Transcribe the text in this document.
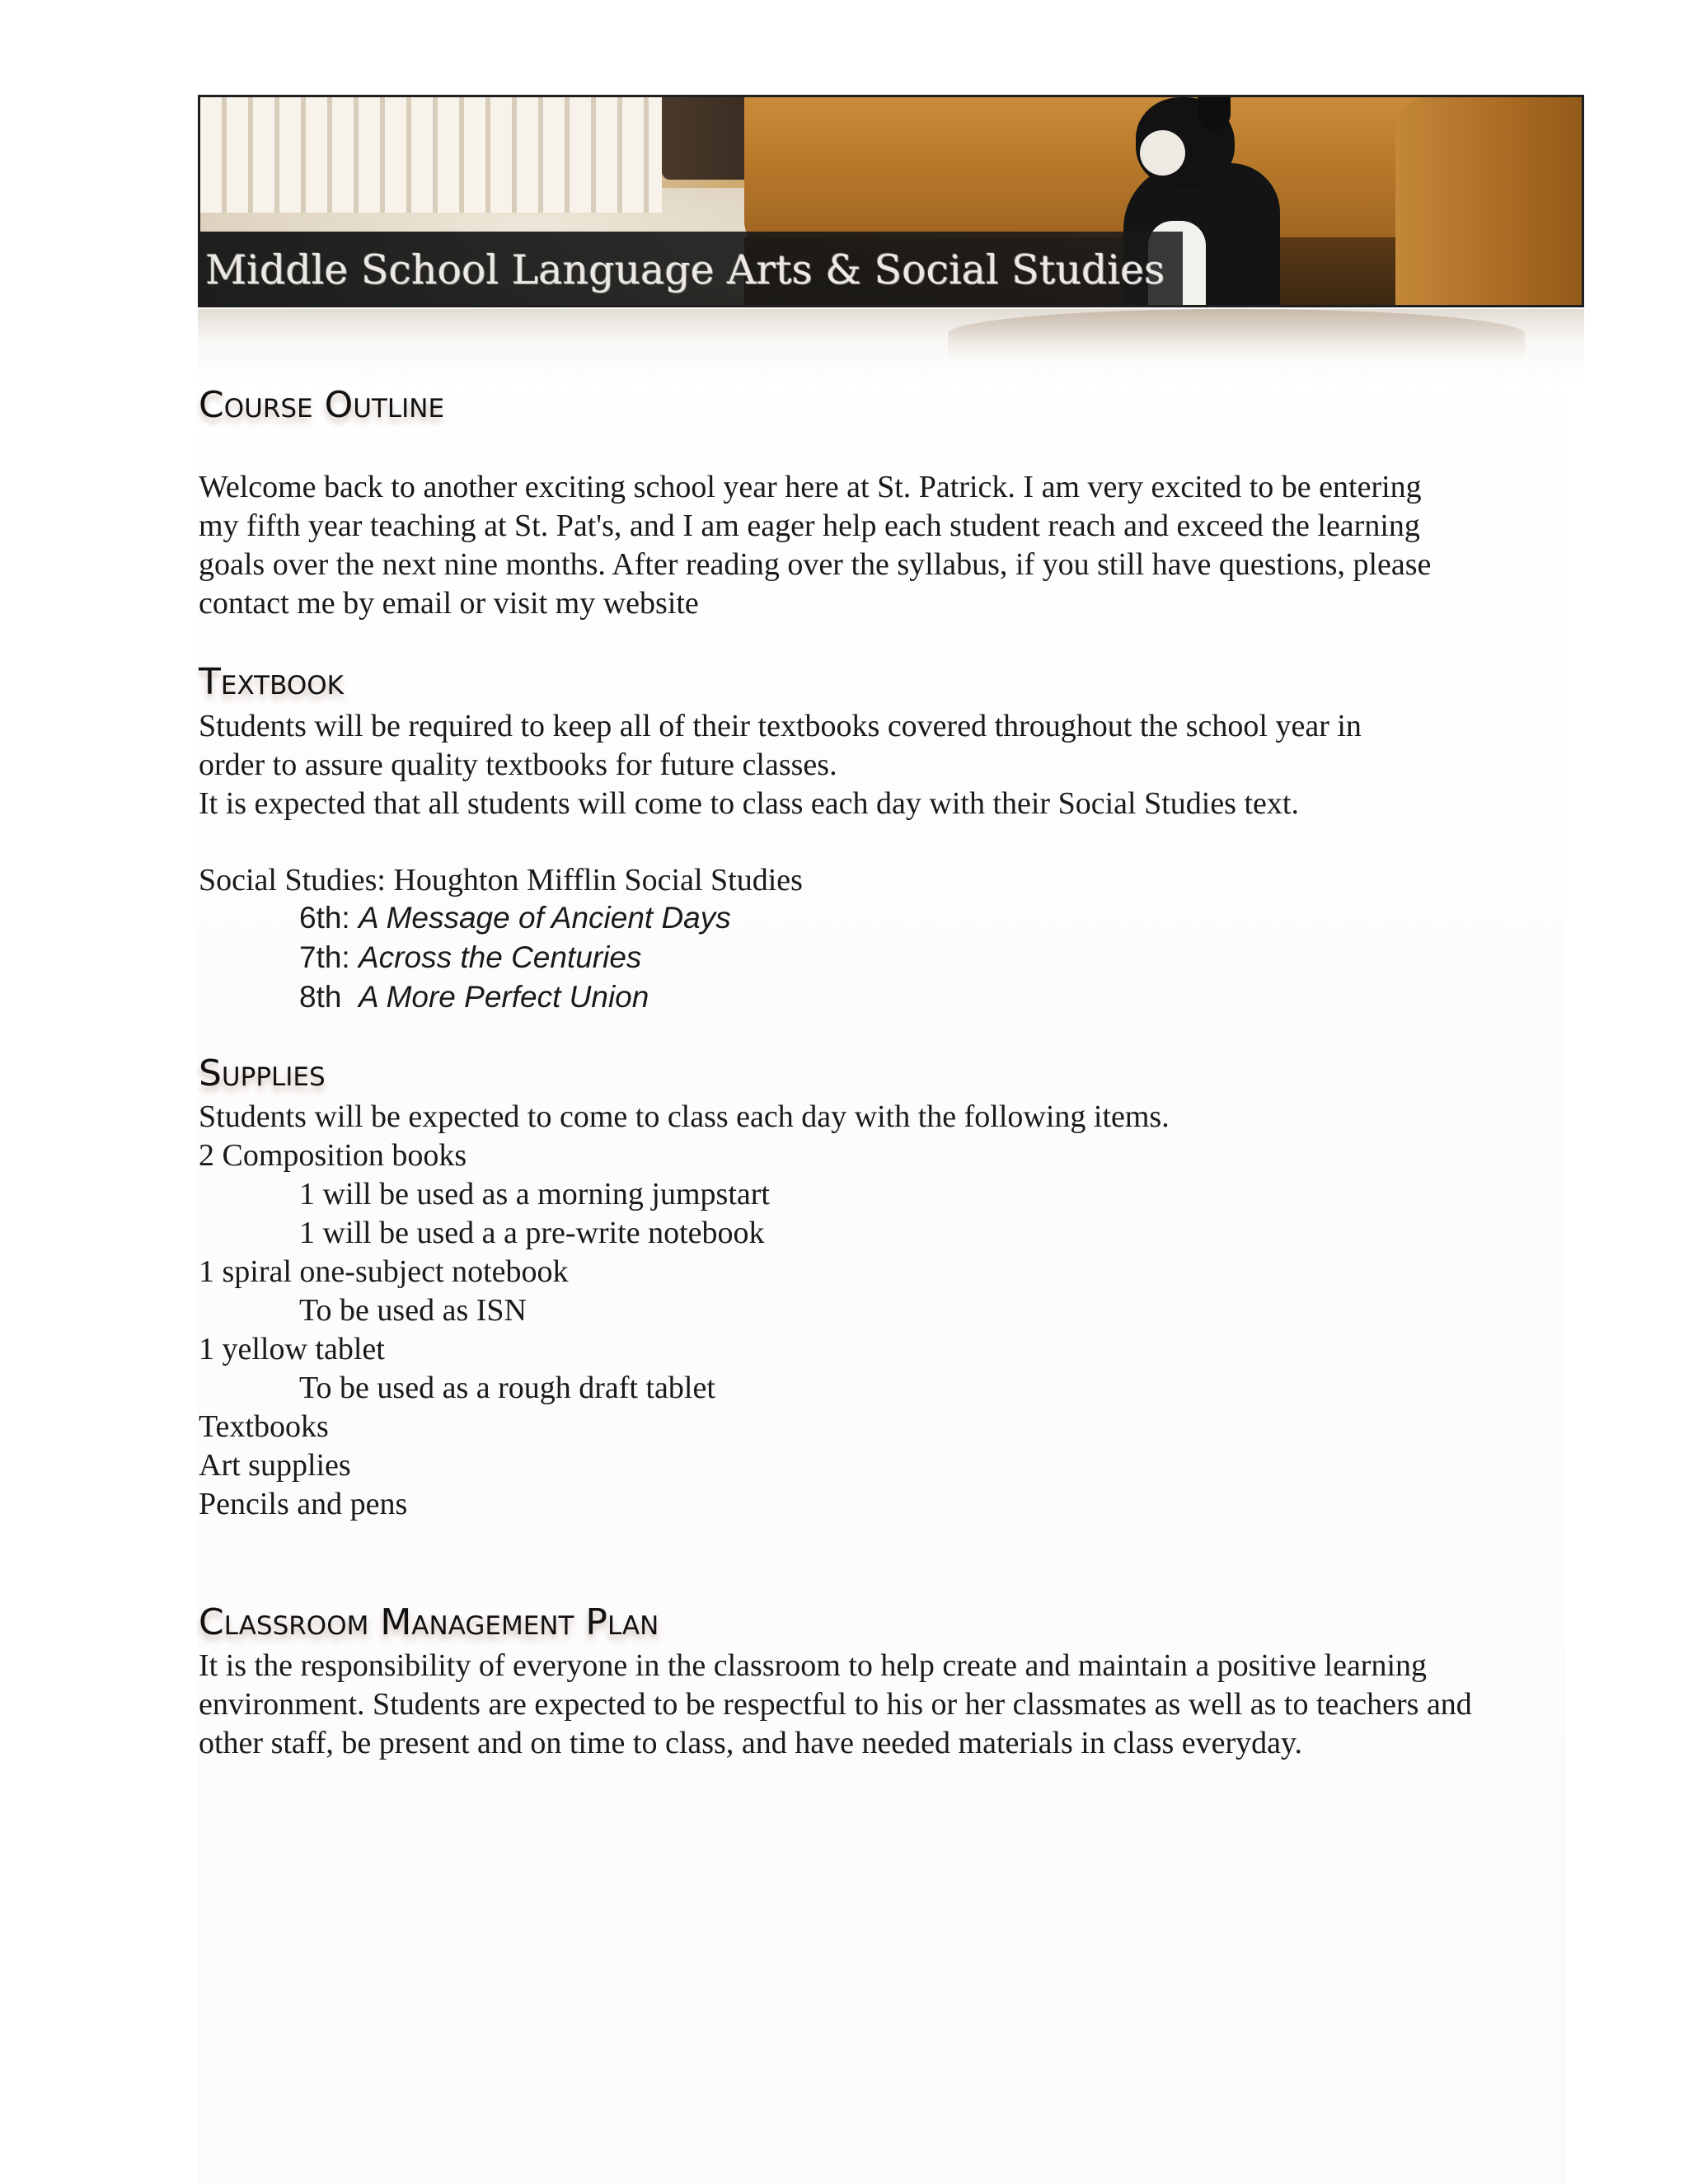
Middle School Language Arts & Social Studies
Course Outline

Welcome back to another exciting school year here at St. Patrick. I am very excited to be entering my fifth year teaching at St. Pat's, and I am eager help each student reach and exceed the learning goals over the next nine months. After reading over the syllabus, if you still have questions, please contact me by email or visit my website

Textbook
Students will be required to keep all of their textbooks covered throughout the school year in
order to assure quality textbooks for future classes.
It is expected that all students will come to class each day with their Social Studies text.
Social Studies: Houghton Mifflin Social Studies
6th: A Message of Ancient Days
7th: Across the Centuries
8th  A More Perfect Union
Supplies
Students will be expected to come to class each day with the following items.
2 Composition books
1 will be used as a morning jumpstart
1 will be used a a pre-write notebook
1 spiral one-subject notebook
To be used as ISN
1 yellow tablet
To be used as a rough draft tablet
Textbooks
Art supplies
Pencils and pens
Classroom Management Plan

It is the responsibility of everyone in the classroom to help create and maintain a positive learning environment. Students are expected to be respectful to his or her classmates as well as to teachers and other staff, be present and on time to class, and have needed materials in class everyday.
